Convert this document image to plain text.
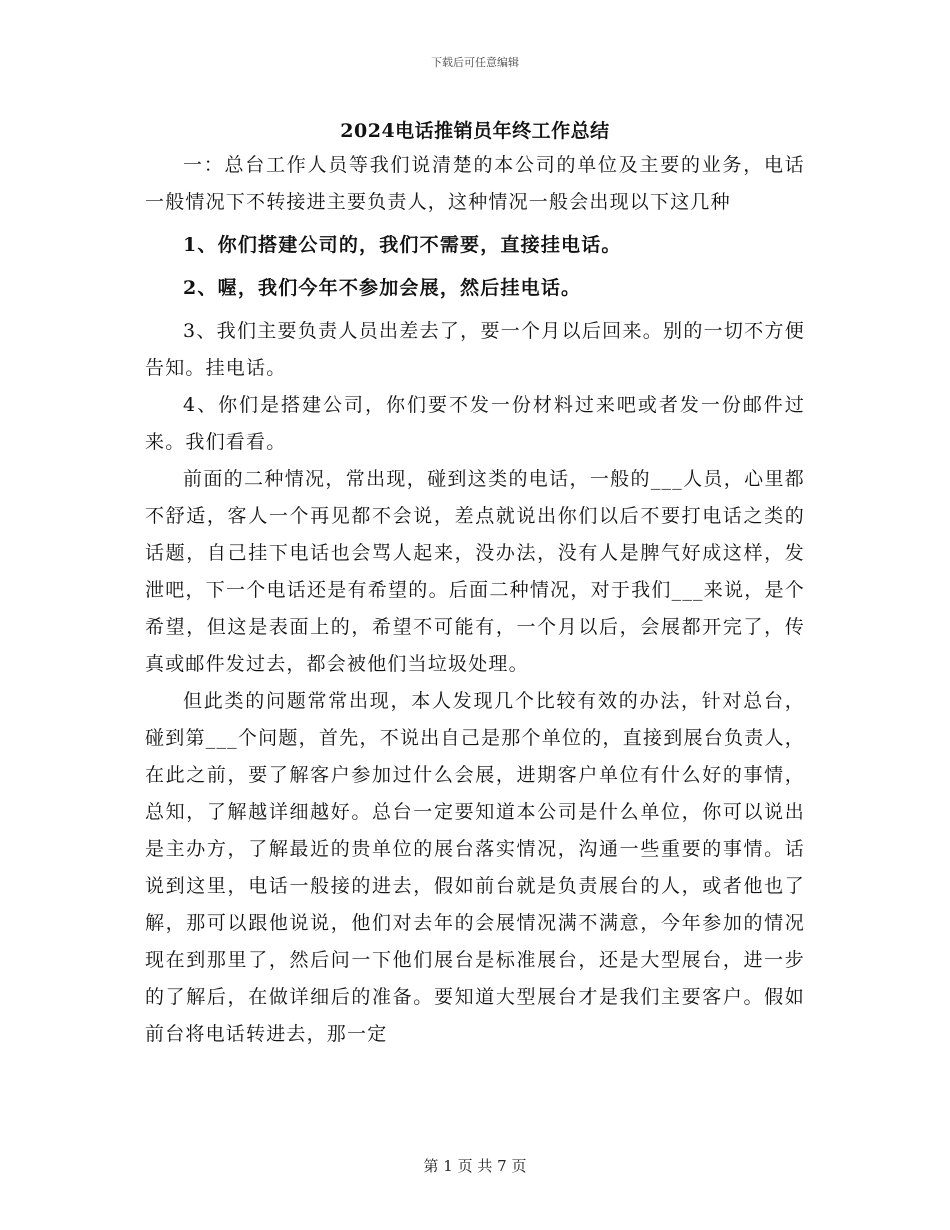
下载后可任意编辑
2024电话推销员年终工作总结

一：总台工作人员等我们说清楚的本公司的单位及主要的业务，电话一般情况下不转接进主要负责人，这种情况一般会出现以下这几种

1、你们搭建公司的，我们不需要，直接挂电话。

2、喔，我们今年不参加会展，然后挂电话。

3、我们主要负责人员出差去了，要一个月以后回来。别的一切不方便告知。挂电话。

4、你们是搭建公司，你们要不发一份材料过来吧或者发一份邮件过来。我们看看。

前面的二种情况，常出现，碰到这类的电话，一般的___人员，心里都不舒适，客人一个再见都不会说，差点就说出你们以后不要打电话之类的话题，自己挂下电话也会骂人起来，没办法，没有人是脾气好成这样，发泄吧，下一个电话还是有希望的。后面二种情况，对于我们___来说，是个希望，但这是表面上的，希望不可能有，一个月以后，会展都开完了，传真或邮件发过去，都会被他们当垃圾处理。

但此类的问题常常出现，本人发现几个比较有效的办法，针对总台，碰到第___个问题，首先，不说出自己是那个单位的，直接到展台负责人，在此之前，要了解客户参加过什么会展，进期客户单位有什么好的事情，总知，了解越详细越好。总台一定要知道本公司是什么单位，你可以说出是主办方，了解最近的贵单位的展台落实情况，沟通一些重要的事情。话说到这里，电话一般接的进去，假如前台就是负责展台的人，或者他也了解，那可以跟他说说，他们对去年的会展情况满不满意，今年参加的情况现在到那里了，然后问一下他们展台是标准展台，还是大型展台，进一步的了解后，在做详细后的准备。要知道大型展台才是我们主要客户。假如前台将电话转进去，那一定

第 1 页 共 7 页
